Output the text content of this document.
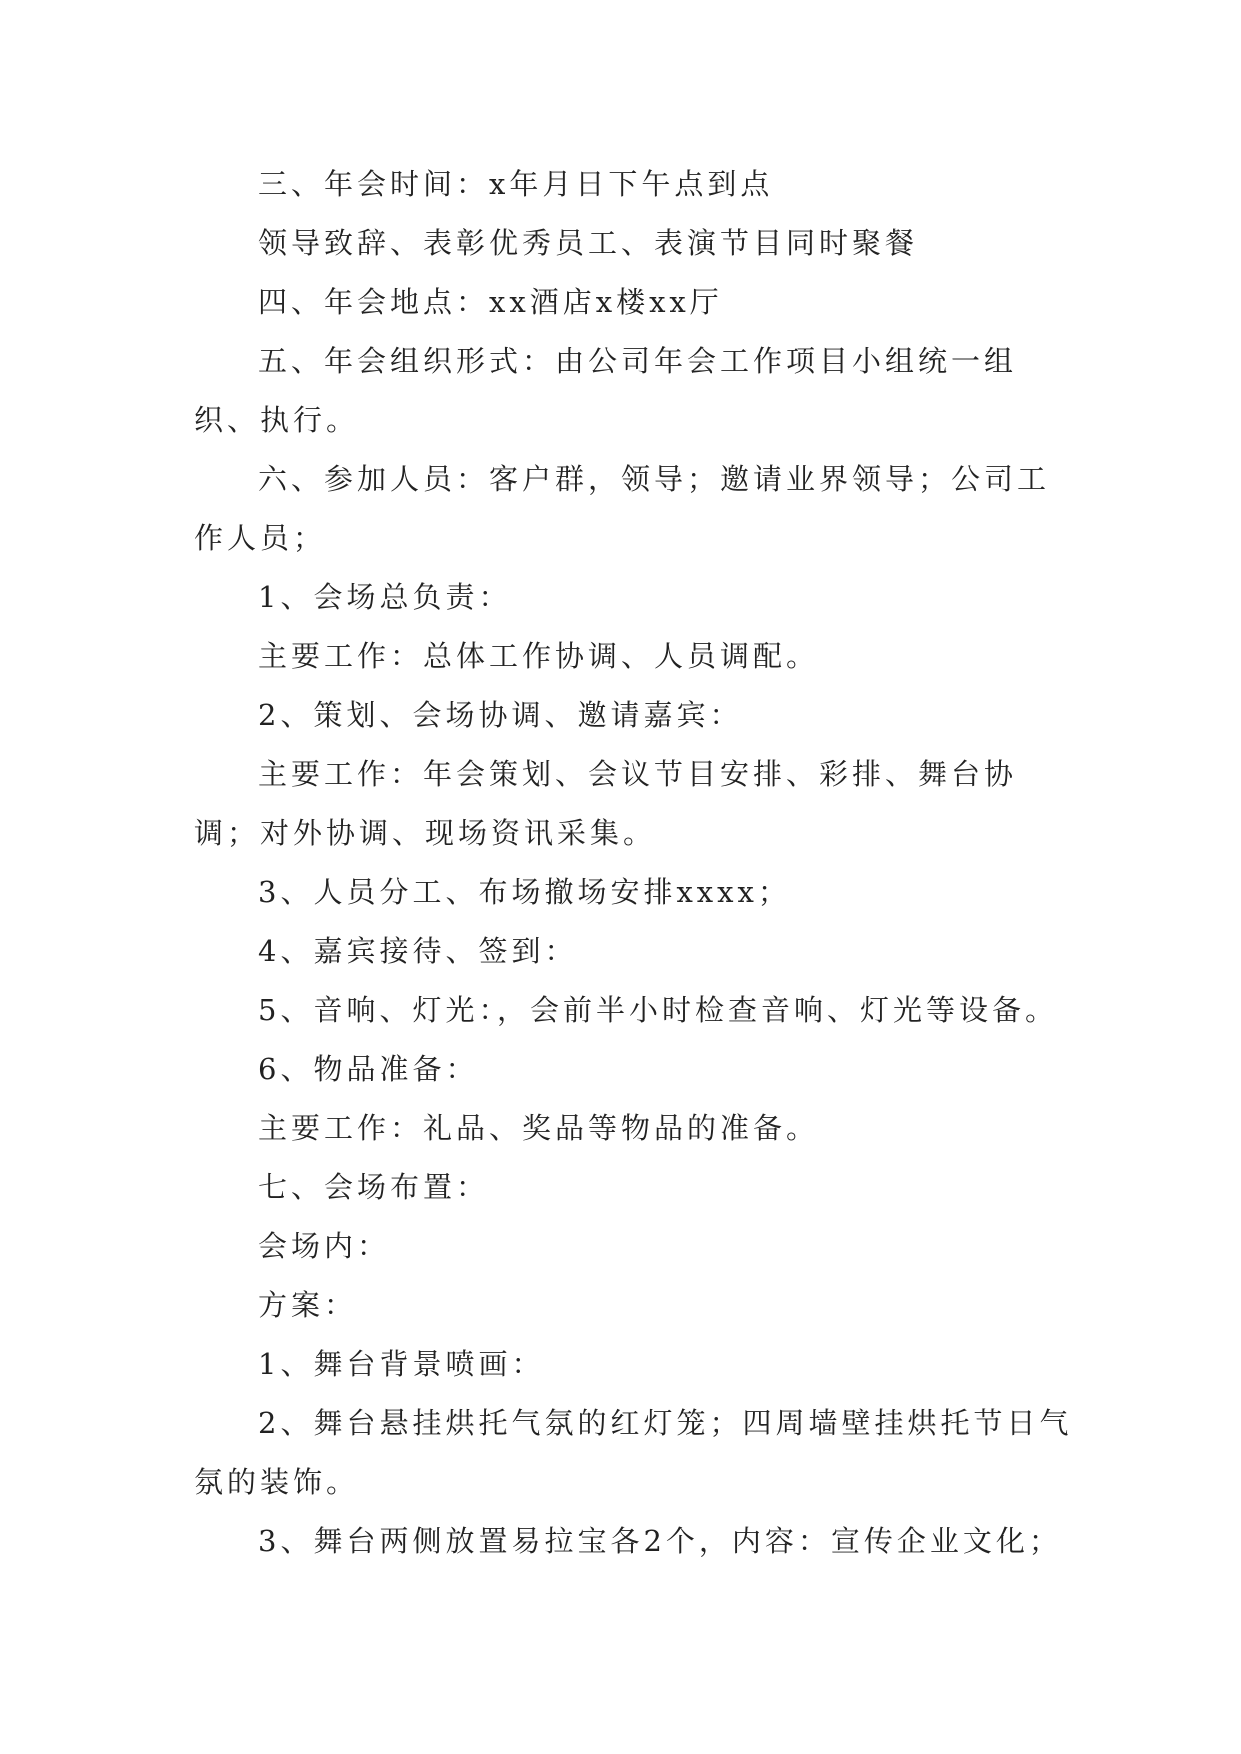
三、年会时间：x年月日下午点到点

领导致辞、表彰优秀员工、表演节目同时聚餐

四、年会地点：xx酒店x楼xx厅

五、年会组织形式：由公司年会工作项目小组统一组织、执行。

六、参加人员：客户群，领导；邀请业界领导；公司工作人员；

1、会场总负责：

主要工作：总体工作协调、人员调配。

2、策划、会场协调、邀请嘉宾：

主要工作：年会策划、会议节目安排、彩排、舞台协调；对外协调、现场资讯采集。

3、人员分工、布场撤场安排xxxx；

4、嘉宾接待、签到：

5、音响、灯光：，会前半小时检查音响、灯光等设备。

6、物品准备：

主要工作：礼品、奖品等物品的准备。

七、会场布置：

会场内：

方案：

1、舞台背景喷画：

2、舞台悬挂烘托气氛的红灯笼；四周墙壁挂烘托节日气氛的装饰。

3、舞台两侧放置易拉宝各2个，内容：宣传企业文化；
